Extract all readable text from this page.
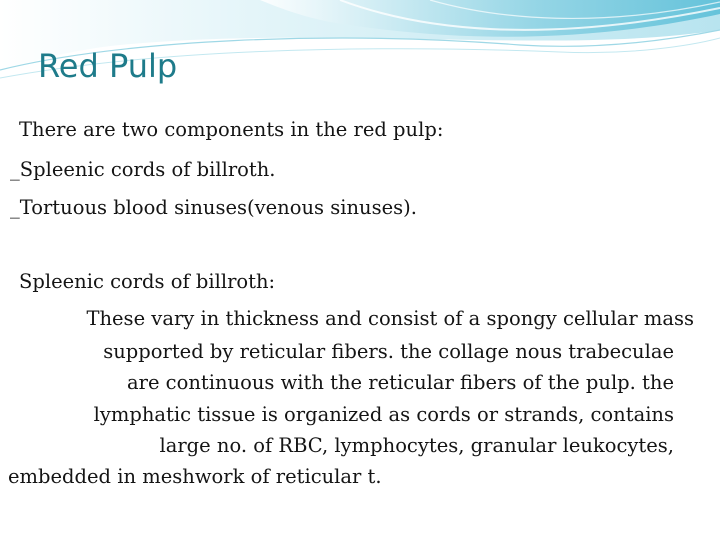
Red Pulp
There are two components in the red pulp:
_Spleenic cords of billroth.
_Tortuous blood sinuses(venous sinuses).
Spleenic cords of billroth:
These vary in thickness and consist of a spongy cellular mass
supported by reticular fibers. the collage nous trabeculae
are continuous with the reticular fibers of the pulp. the
lymphatic tissue is organized as cords or strands, contains
large no. of RBC, lymphocytes, granular leukocytes,
embedded in meshwork of reticular t.
